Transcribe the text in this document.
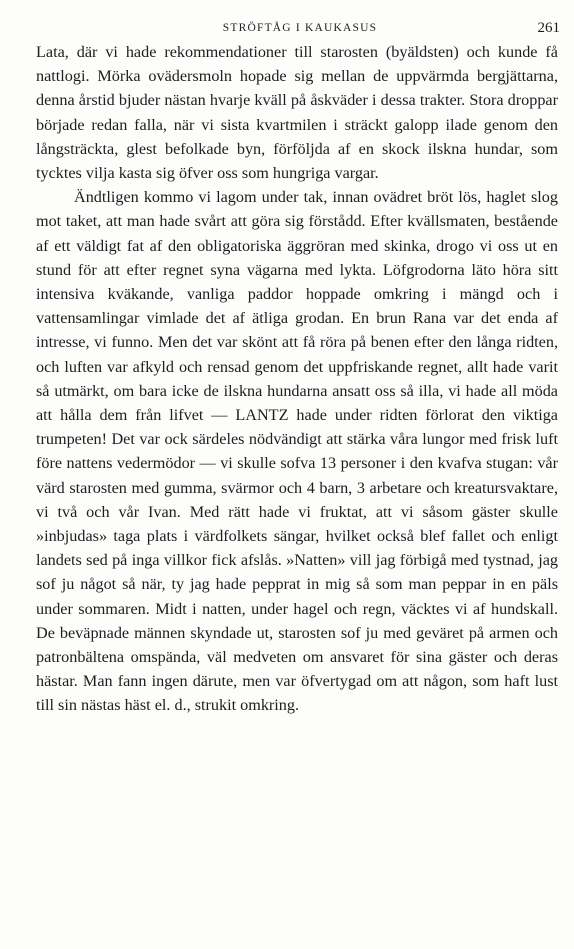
STRÖFTÅG I KAUKASUS	261

Lata, där vi hade rekommendationer till starosten (byäldsten) och kunde få nattlogi. Mörka ovädersmoln hopade sig mellan de uppvärmda bergjättarna, denna årstid bjuder nästan hvarje kväll på åskväder i dessa trakter. Stora droppar började redan falla, när vi sista kvartmilen i sträckt galopp ilade genom den långsträckta, glest befolkade byn, förföljda af en skock ilskna hundar, som tycktes vilja kasta sig öfver oss som hungriga vargar.

Ändtligen kommo vi lagom under tak, innan ovädret bröt lös, haglet slog mot taket, att man hade svårt att göra sig förstådd. Efter kvällsmaten, bestående af ett väldigt fat af den obligatoriska äggröran med skinka, drogo vi oss ut en stund för att efter regnet syna vägarna med lykta. Löfgrodorna läto höra sitt intensiva kväkande, vanliga paddor hoppade omkring i mängd och i vattensamlingar vimlade det af ätliga grodan. En brun Rana var det enda af intresse, vi funno. Men det var skönt att få röra på benen efter den långa ridten, och luften var afkyld och rensad genom det uppfriskande regnet, allt hade varit så utmärkt, om bara icke de ilskna hundarna ansatt oss så illa, vi hade all möda att hålla dem från lifvet — LANTZ hade under ridten förlorat den viktiga trumpeten! Det var ock särdeles nödvändigt att stärka våra lungor med frisk luft före nattens vedermödor — vi skulle sofva 13 personer i den kvafva stugan: vår värd starosten med gumma, svärmor och 4 barn, 3 arbetare och kreatursvaktare, vi två och vår Ivan. Med rätt hade vi fruktat, att vi såsom gäster skulle »inbjudas» taga plats i värdfolkets sängar, hvilket också blef fallet och enligt landets sed på inga villkor fick afslås. »Natten» vill jag förbigå med tystnad, jag sof ju något så när, ty jag hade pepprat in mig så som man peppar in en päls under sommaren. Midt i natten, under hagel och regn, väcktes vi af hundskall. De beväpnade männen skyndade ut, starosten sof ju med geväret på armen och patronbältena omspända, väl medveten om ansvaret för sina gäster och deras hästar. Man fann ingen därute, men var öfvertygad om att någon, som haft lust till sin nästas häst el. d., strukit omkring.
